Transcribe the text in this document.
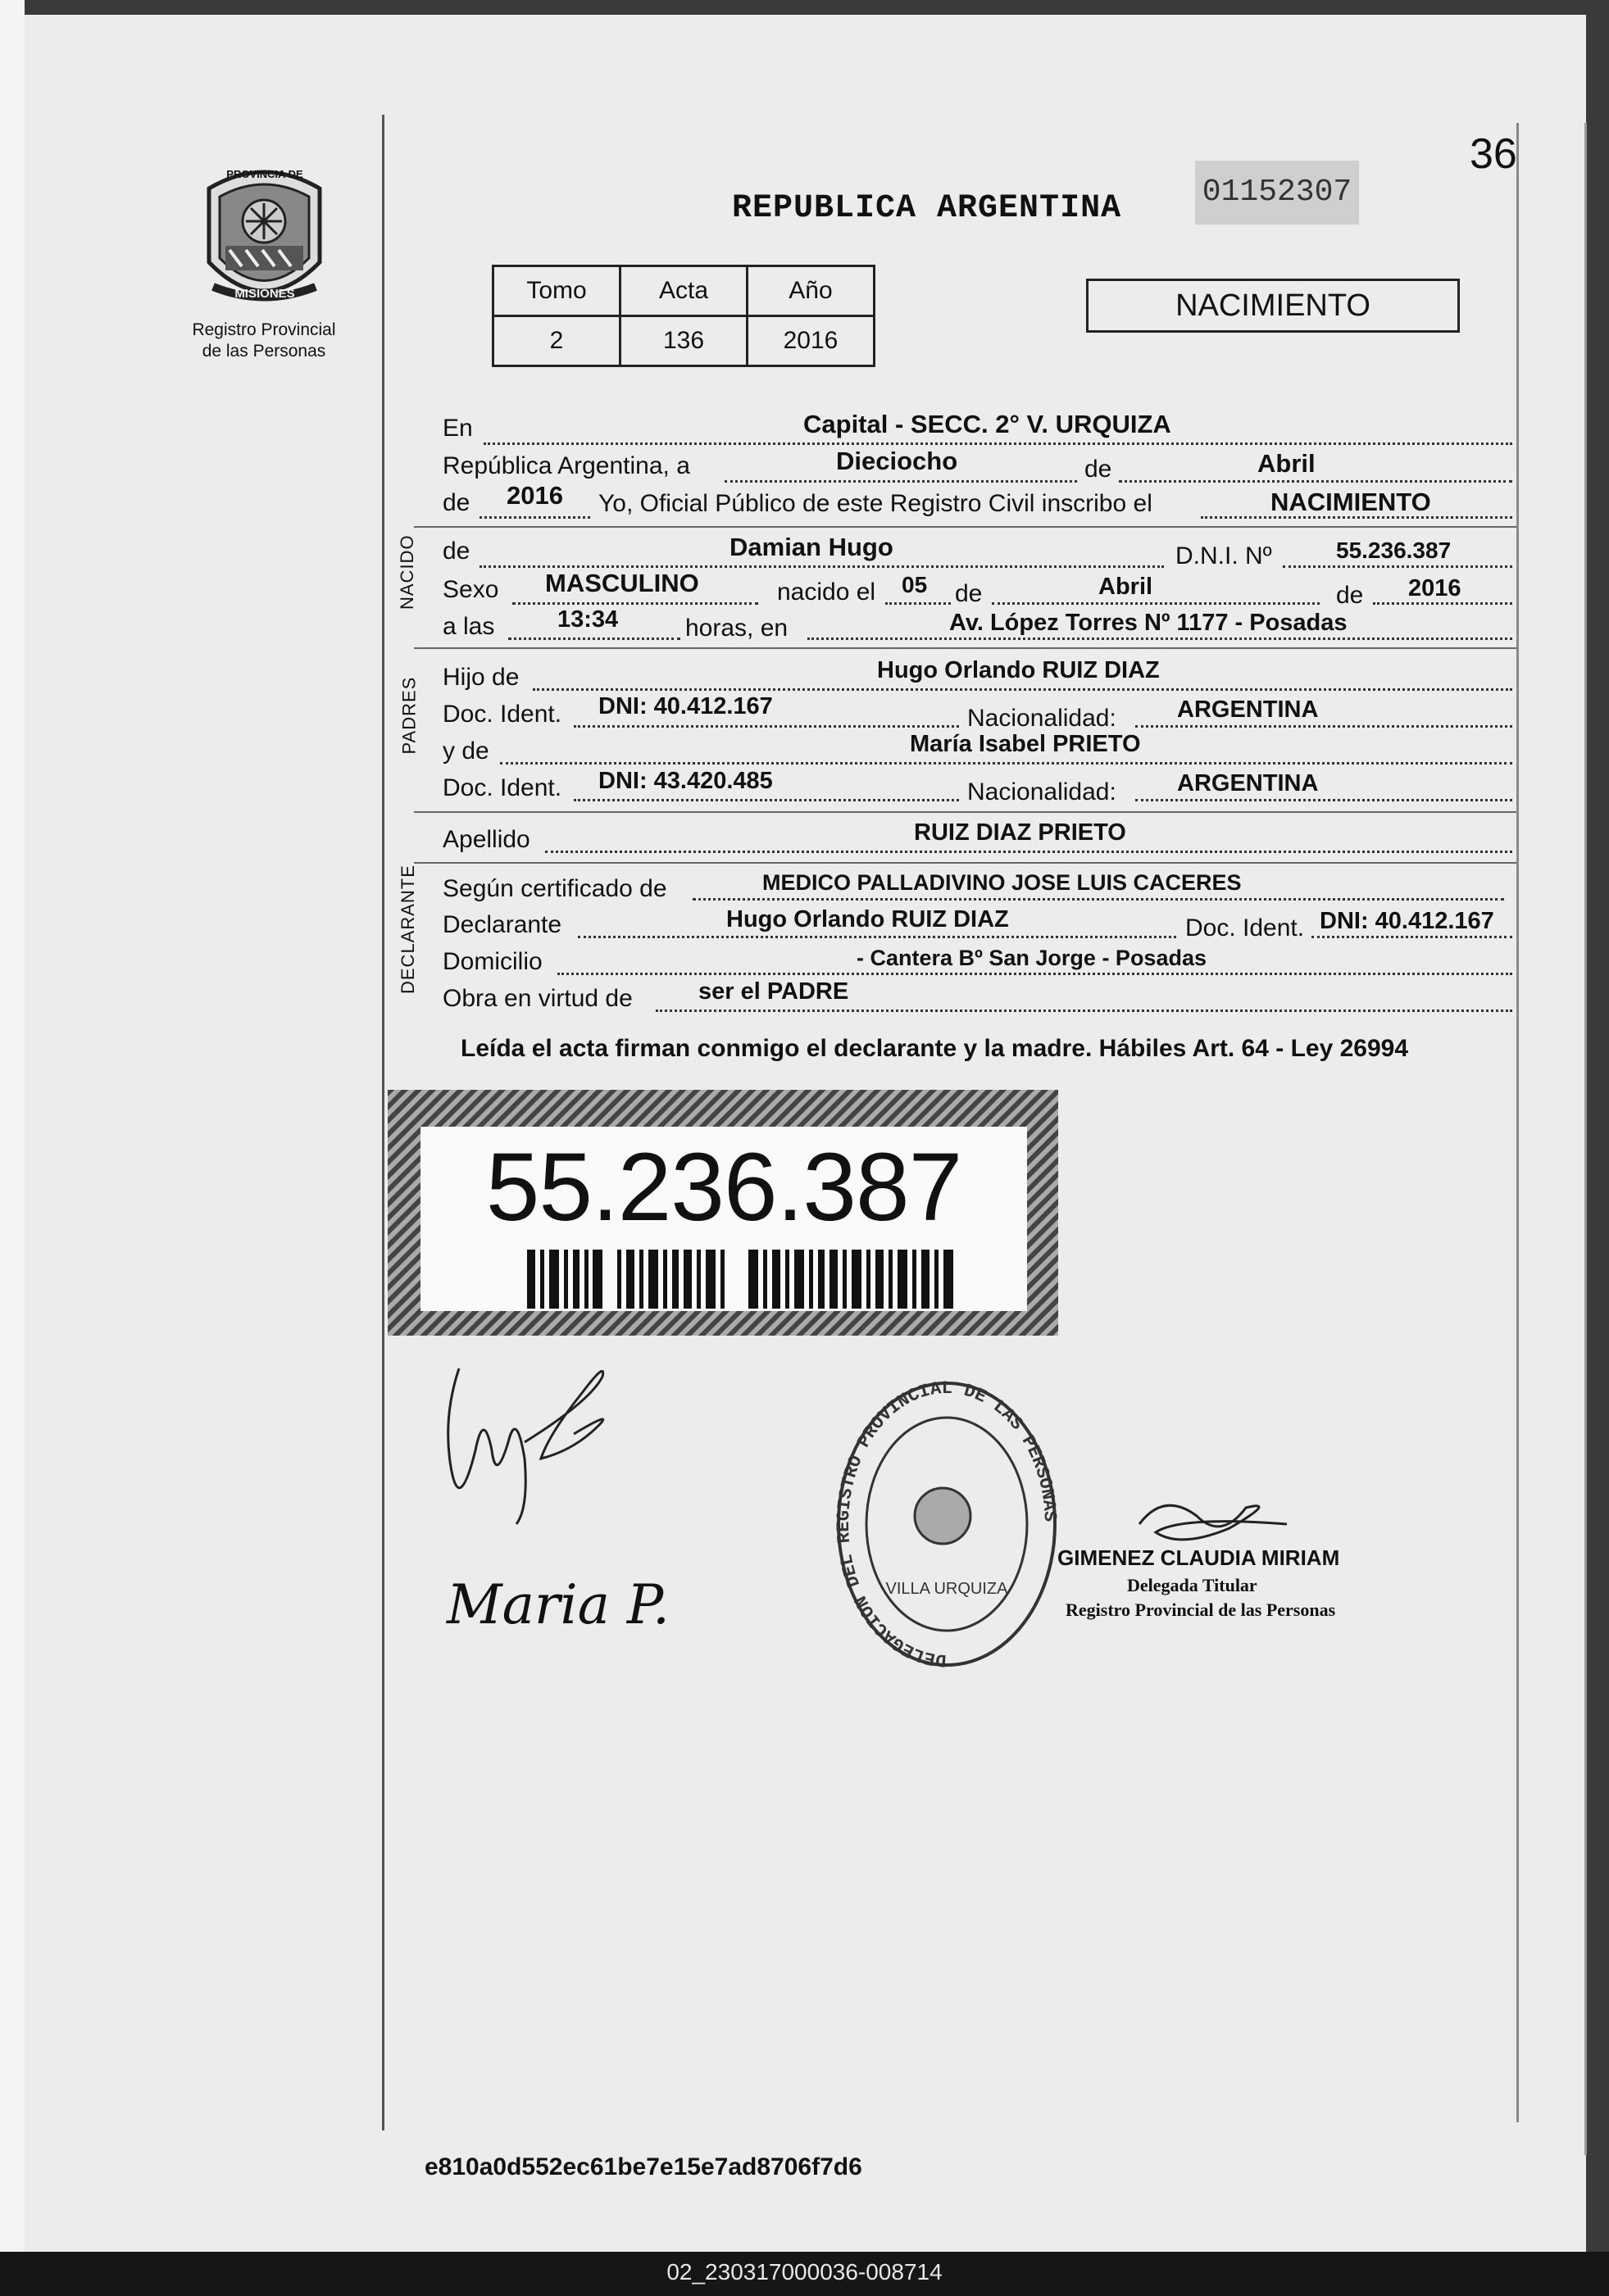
36
PROVINCIA DE
MISIONES
Registro Provincial
de las Personas
REPUBLICA ARGENTINA	01152307
Tomo	Acta	Año
2	136	2016
NACIMIENTO
En	Capital - SECC. 2° V. URQUIZA
República Argentina, a	Dieciocho	de	Abril
de 2016 Yo, Oficial Público de este Registro Civil inscribo el	NACIMIENTO
NACIDO de	Damian Hugo	D.N.I. Nº	55.236.387
Sexo MASCULINO	nacido el 05 de	Abril	de 2016
a las	13:34	horas, en	Av. López Torres Nº 1177 - Posadas
PADRES Hijo de	Hugo Orlando RUIZ DIAZ
Doc. Ident. DNI: 40.412.167	Nacionalidad:	ARGENTINA
y de	María Isabel PRIETO
Doc. Ident. DNI: 43.420.485	Nacionalidad:	ARGENTINA
Apellido	RUIZ DIAZ PRIETO
DECLARANTE Según certificado de	MEDICO PALLADIVINO JOSE LUIS CACERES
Declarante	Hugo Orlando RUIZ DIAZ	Doc. Ident. DNI: 40.412.167
Domicilio	- Cantera Bº San Jorge - Posadas
Obra en virtud de	ser el PADRE
Leída el acta firman conmigo el declarante y la madre. Hábiles Art. 64 - Ley 26994
55.236.387
Maria P.
DELEGACION DEL REGISTRO PROVINCIAL DE LAS PERSONAS
VILLA URQUIZA
GIMENEZ CLAUDIA MIRIAM
Delegada Titular
Registro Provincial de las Personas
e810a0d552ec61be7e15e7ad8706f7d6
02_230317000036-008714
